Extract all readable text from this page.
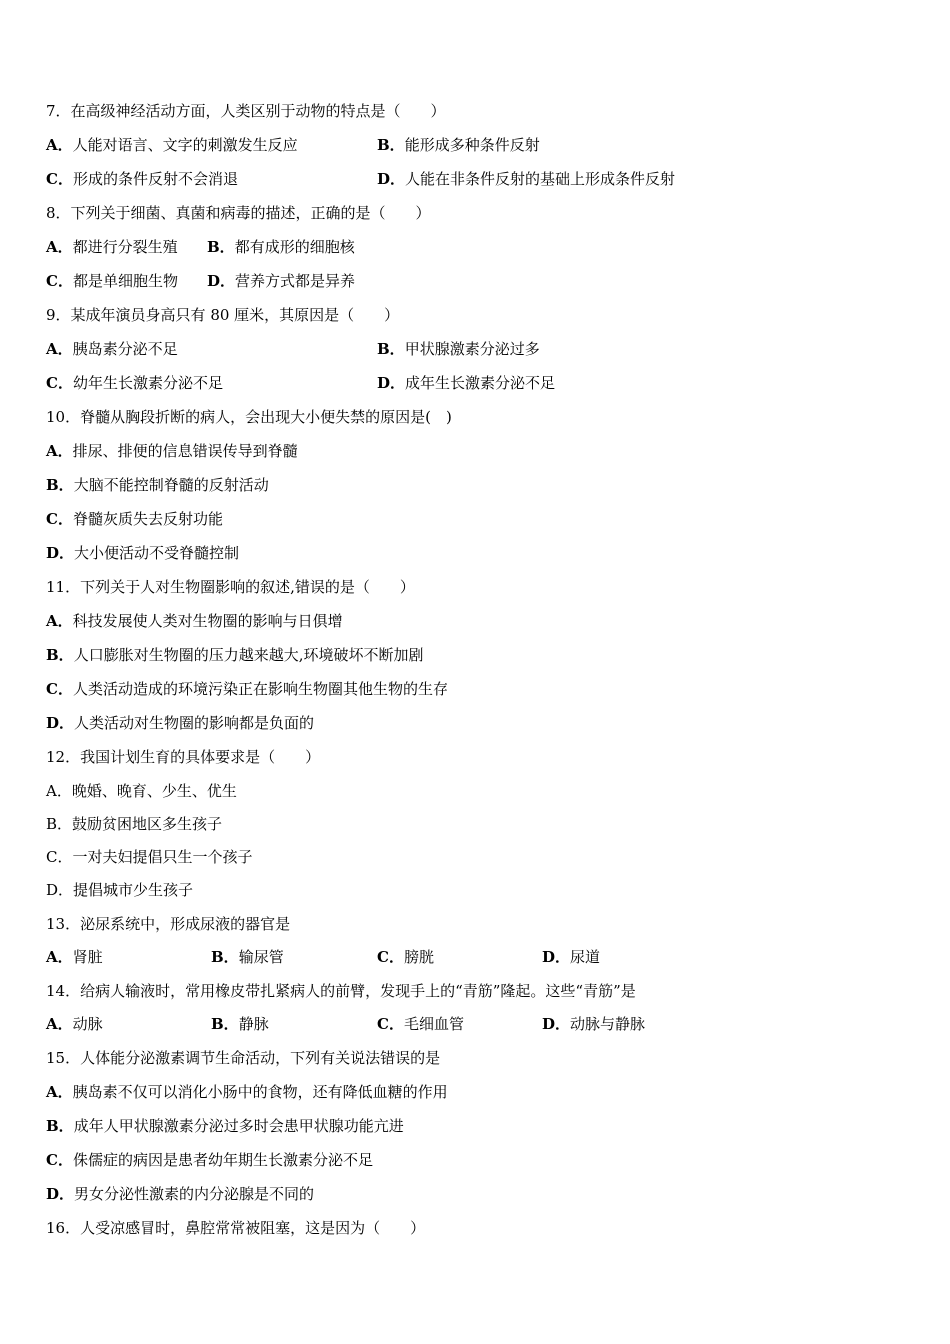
7．在高级神经活动方面，人类区别于动物的特点是（　　）
A．人能对语言、文字的刺激发生反应	B．能形成多种条件反射
C．形成的条件反射不会消退	D．人能在非条件反射的基础上形成条件反射
8．下列关于细菌、真菌和病毒的描述，正确的是（　　）
A．都进行分裂生殖 B．都有成形的细胞核
C．都是单细胞生物 D．营养方式都是异养
9．某成年演员身高只有 80 厘米，其原因是（　　）
A．胰岛素分泌不足	B．甲状腺激素分泌过多
C．幼年生长激素分泌不足	D．成年生长激素分泌不足
10．脊髓从胸段折断的病人，会出现大小便失禁的原因是(　)
A．排尿、排便的信息错误传导到脊髓
B．大脑不能控制脊髓的反射活动
C．脊髓灰质失去反射功能
D．大小便活动不受脊髓控制
11．下列关于人对生物圈影响的叙述,错误的是（　　）
A．科技发展使人类对生物圈的影响与日俱增
B．人口膨胀对生物圈的压力越来越大,环境破坏不断加剧
C．人类活动造成的环境污染正在影响生物圈其他生物的生存
D．人类活动对生物圈的影响都是负面的
12．我国计划生育的具体要求是（　　）
A．晚婚、晚育、少生、优生
B．鼓励贫困地区多生孩子
C．一对夫妇提倡只生一个孩子
D．提倡城市少生孩子
13．泌尿系统中，形成尿液的器官是
A．肾脏	B．输尿管	C．膀胱	D．尿道
14．给病人输液时，常用橡皮带扎紧病人的前臂，发现手上的“青筋”隆起。这些“青筋”是
A．动脉	B．静脉	C．毛细血管	D．动脉与静脉
15．人体能分泌激素调节生命活动，下列有关说法错误的是
A．胰岛素不仅可以消化小肠中的食物，还有降低血糖的作用
B．成年人甲状腺激素分泌过多时会患甲状腺功能亢进
C．侏儒症的病因是患者幼年期生长激素分泌不足
D．男女分泌性激素的内分泌腺是不同的
16．人受凉感冒时，鼻腔常常被阻塞，这是因为（　　）
